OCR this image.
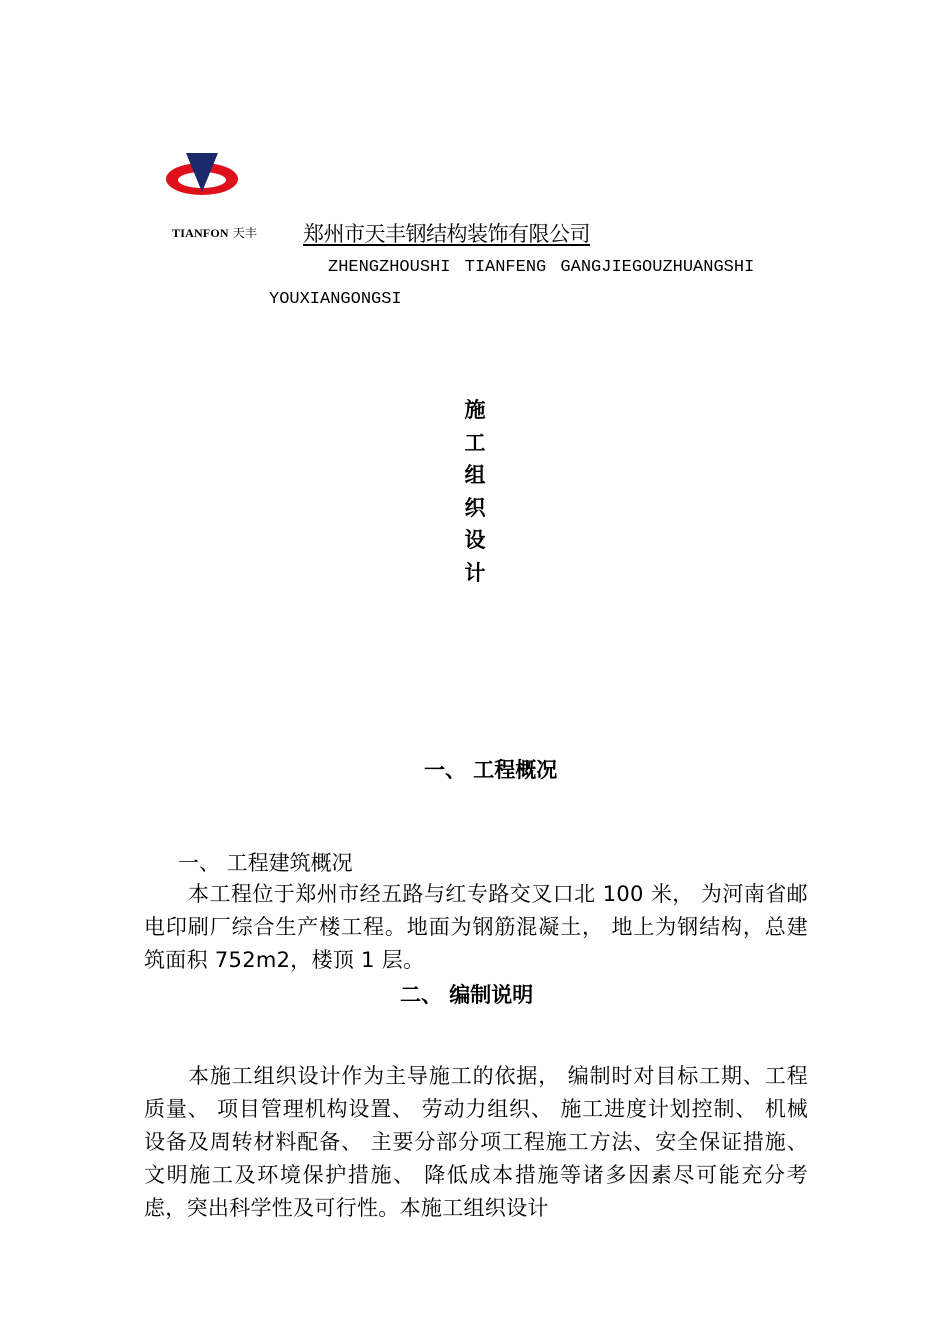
TIANFON 天丰 郑州市天丰钢结构装饰有限公司
ZHENGZHOUSHI TIANFENG GANGJIEGOUZHUANGSHI
YOUXIANGONGSI
施
工
组
织
设
计
一、 工程概况
一、 工程建筑概况
本工程位于郑州市经五路与红专路交叉口北 100 米， 为河南省邮电印刷厂综合生产楼工程。地面为钢筋混凝土， 地上为钢结构，总建筑面积 752m2，楼顶 1 层。
二、 编制说明
本施工组织设计作为主导施工的依据， 编制时对目标工期、工程质量、 项目管理机构设置、 劳动力组织、 施工进度计划控制、 机械设备及周转材料配备、 主要分部分项工程施工方法、安全保证措施、 文明施工及环境保护措施、 降低成本措施等诸多因素尽可能充分考虑，突出科学性及可行性。本施工组织设计
